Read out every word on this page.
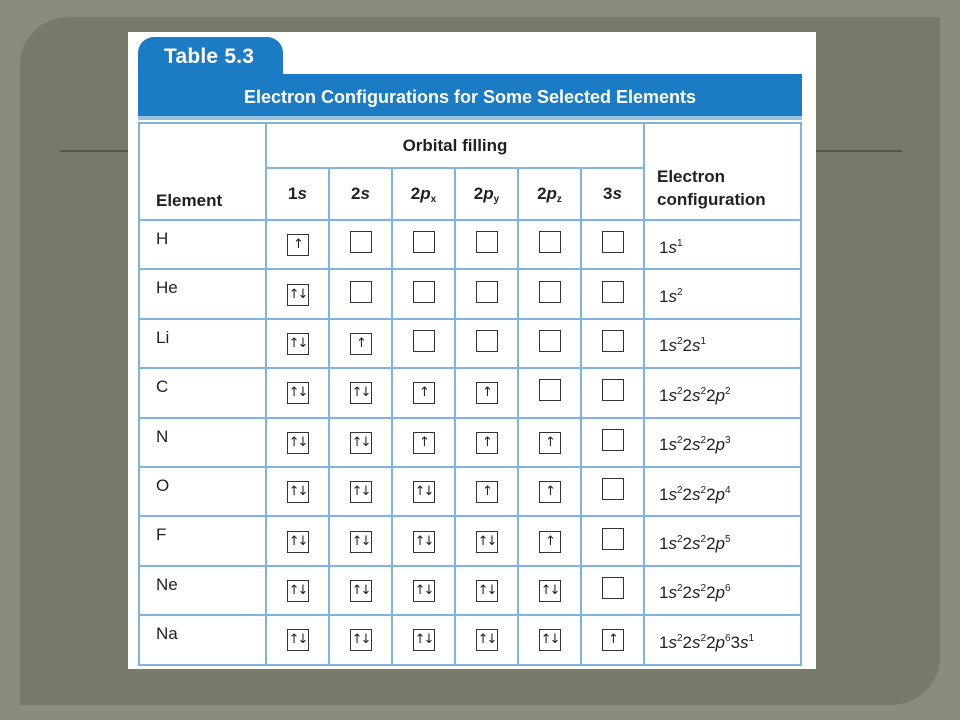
Table 5.3
Electron Configurations for Some Selected Elements
Element	Orbital filling						Electron
configuration
	1s	2s	$2p_x$	$2p_y$	$2p_z$	3s	
H	↑						$1s^1$
He	↑↓						$1s^2$
Li	↑↓	↑					$1s^22s^1$
C	↑↓	↑↓	↑	↑			$1s^22s^22p^2$
N	↑↓	↑↓	↑	↑	↑		$1s^22s^22p^3$
O	↑↓	↑↓	↑↓	↑	↑		$1s^22s^22p^4$
F	↑↓	↑↓	↑↓	↑↓	↑		$1s^22s^22p^5$
Ne	↑↓	↑↓	↑↓	↑↓	↑↓		$1s^22s^22p^6$
Na	↑↓	↑↓	↑↓	↑↓	↑↓	↑	$1s^22s^22p^63s^1$
